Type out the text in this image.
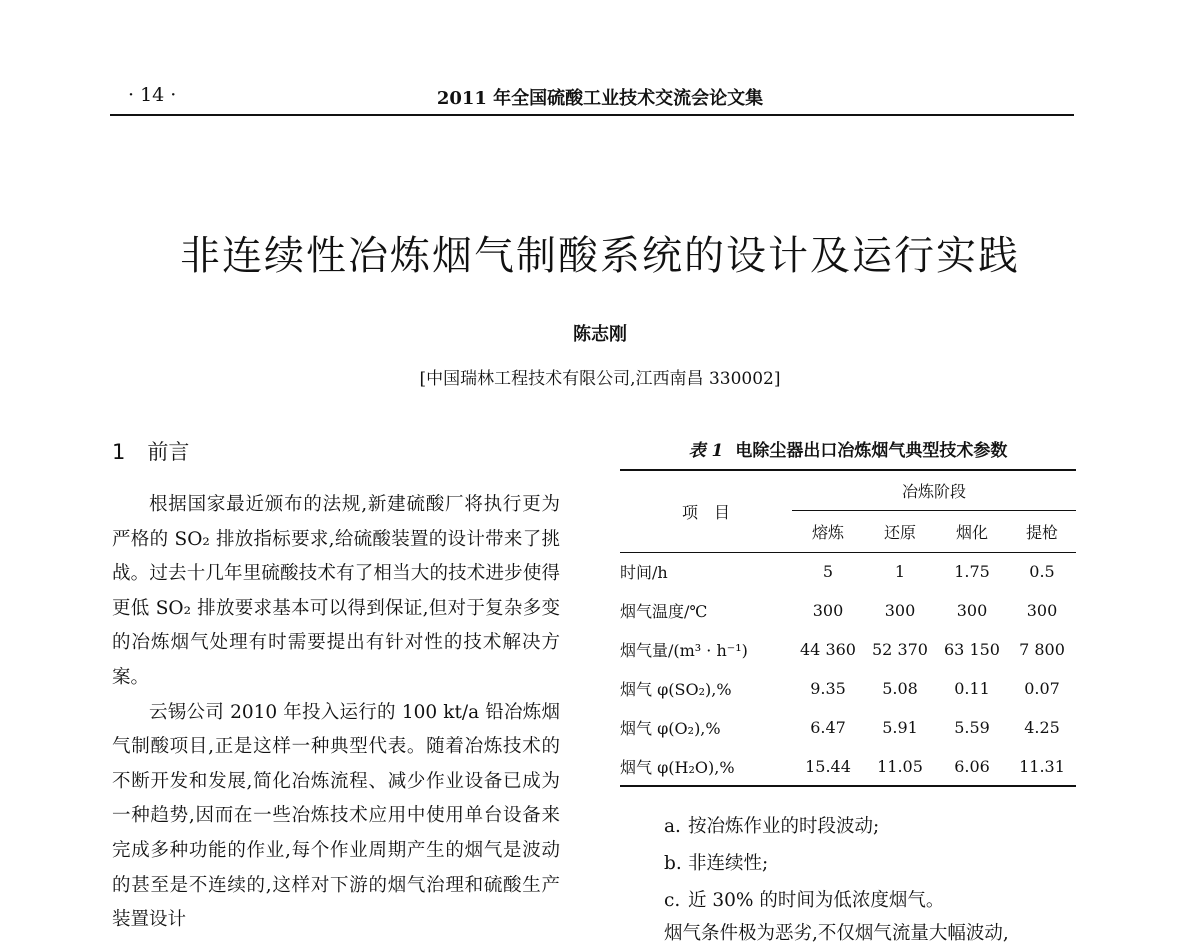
· 14 ·	2011 年全国硫酸工业技术交流会论文集
非连续性冶炼烟气制酸系统的设计及运行实践
陈志刚
[中国瑞林工程技术有限公司,江西南昌 330002]
1 前言

根据国家最近颁布的法规,新建硫酸厂将执行更为严格的 SO₂ 排放指标要求,给硫酸装置的设计带来了挑战。过去十几年里硫酸技术有了相当大的技术进步使得更低 SO₂ 排放要求基本可以得到保证,但对于复杂多变的冶炼烟气处理有时需要提出有针对性的技术解决方案。

云锡公司 2010 年投入运行的 100 kt/a 铅冶炼烟气制酸项目,正是这样一种典型代表。随着冶炼技术的不断开发和发展,简化冶炼流程、减少作业设备已成为一种趋势,因而在一些冶炼技术应用中使用单台设备来完成多种功能的作业,每个作业周期产生的烟气是波动的甚至是不连续的,这样对下游的烟气治理和硫酸生产装置设计

表 1 电除尘器出口冶炼烟气典型技术参数
项　目	冶炼阶段			
	熔炼	还原	烟化	提枪
时间/h	5	1	1.75	0.5
烟气温度/℃	300	300	300	300
烟气量/(m³ · h⁻¹)	44 360	52 370	63 150	7 800
烟气 φ(SO₂),%	9.35	5.08	0.11	0.07
烟气 φ(O₂),%	6.47	5.91	5.59	4.25
烟气 φ(H₂O),%	15.44	11.05	6.06	11.31
a. 按冶炼作业的时段波动;
b. 非连续性;
c. 近 30% 的时间为低浓度烟气。
烟气条件极为恶劣,不仅烟气流量大幅波动,
